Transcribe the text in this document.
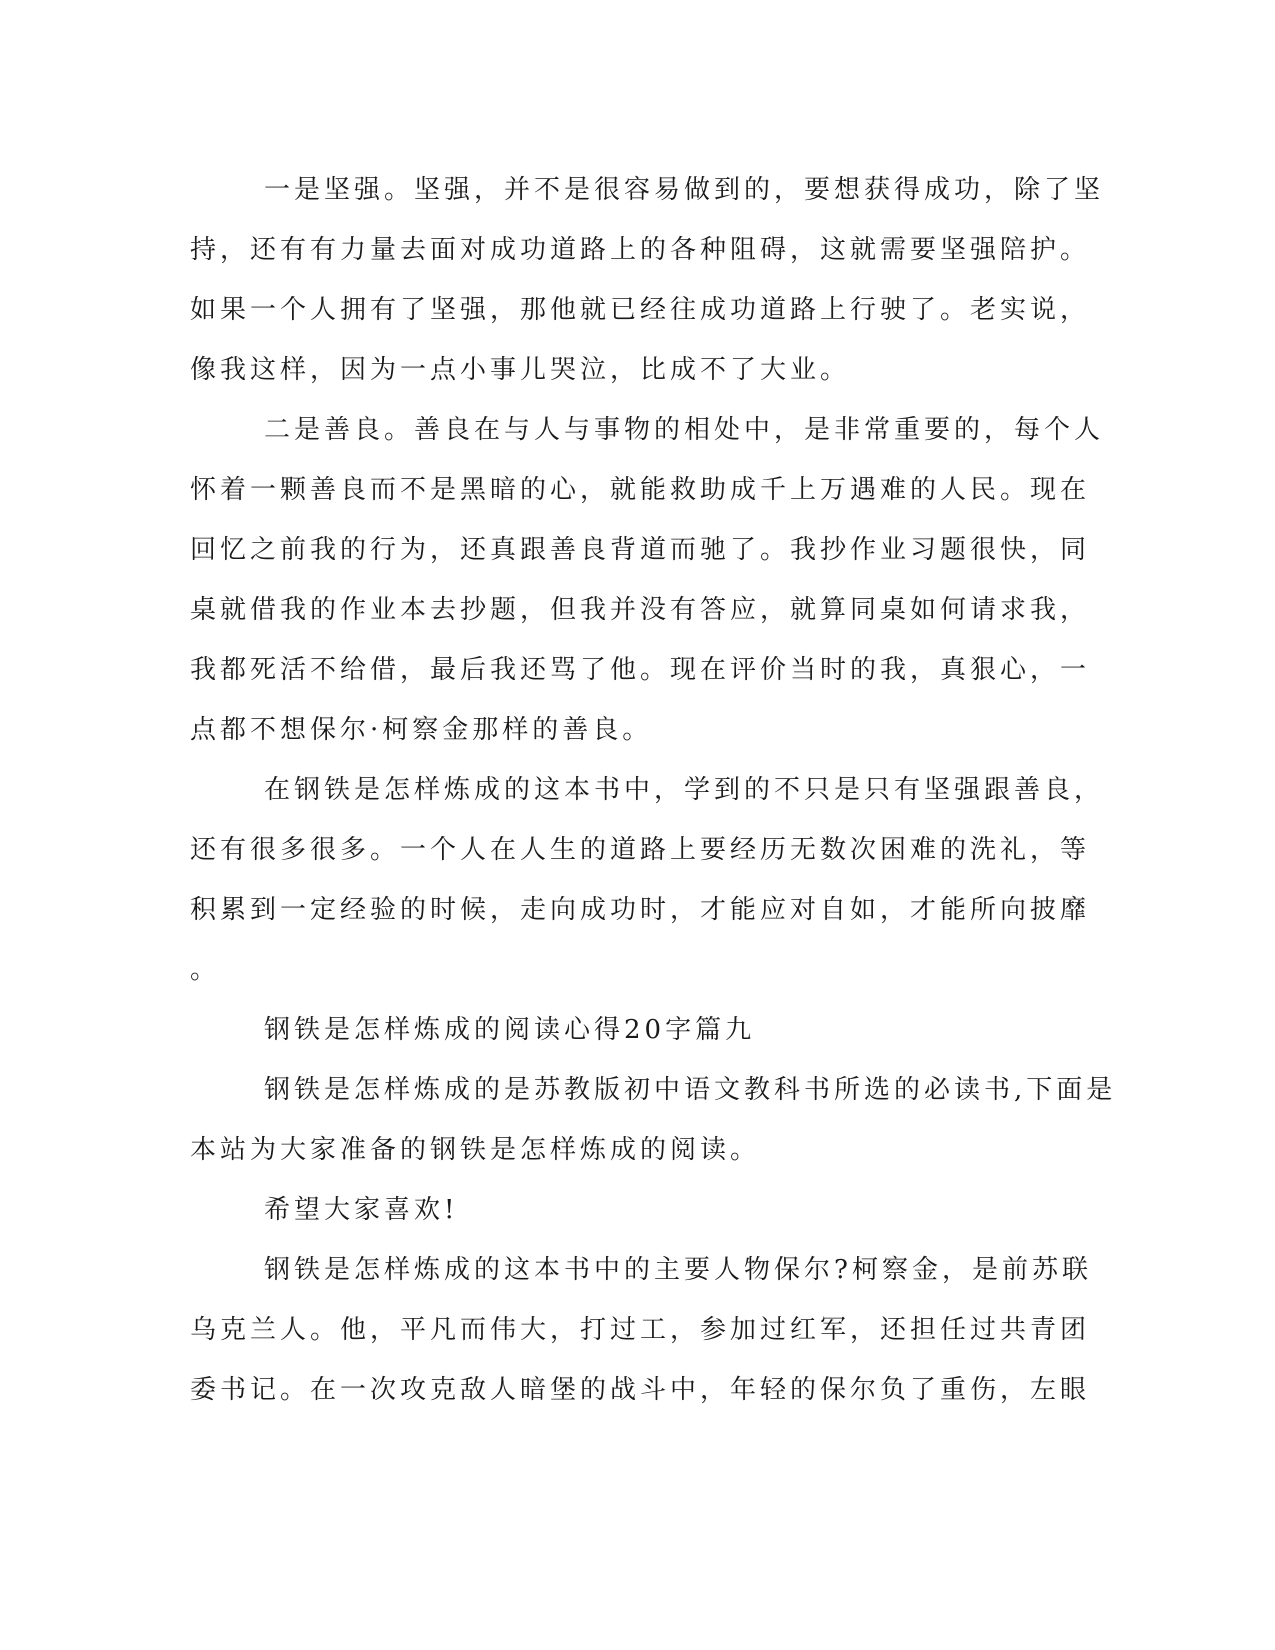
一是坚强。坚强，并不是很容易做到的，要想获得成功，除了坚
持，还有有力量去面对成功道路上的各种阻碍，这就需要坚强陪护。
如果一个人拥有了坚强，那他就已经往成功道路上行驶了。老实说，
像我这样，因为一点小事儿哭泣，比成不了大业。
二是善良。善良在与人与事物的相处中，是非常重要的，每个人
怀着一颗善良而不是黑暗的心，就能救助成千上万遇难的人民。现在
回忆之前我的行为，还真跟善良背道而驰了。我抄作业习题很快，同
桌就借我的作业本去抄题，但我并没有答应，就算同桌如何请求我，
我都死活不给借，最后我还骂了他。现在评价当时的我，真狠心，一
点都不想保尔·柯察金那样的善良。
在钢铁是怎样炼成的这本书中，学到的不只是只有坚强跟善良，
还有很多很多。一个人在人生的道路上要经历无数次困难的洗礼，等
积累到一定经验的时候，走向成功时，才能应对自如，才能所向披靡
。
钢铁是怎样炼成的阅读心得20字篇九
钢铁是怎样炼成的是苏教版初中语文教科书所选的必读书,下面是
本站为大家准备的钢铁是怎样炼成的阅读。
希望大家喜欢!
钢铁是怎样炼成的这本书中的主要人物保尔?柯察金，是前苏联
乌克兰人。他，平凡而伟大，打过工，参加过红军，还担任过共青团
委书记。在一次攻克敌人暗堡的战斗中，年轻的保尔负了重伤，左眼
